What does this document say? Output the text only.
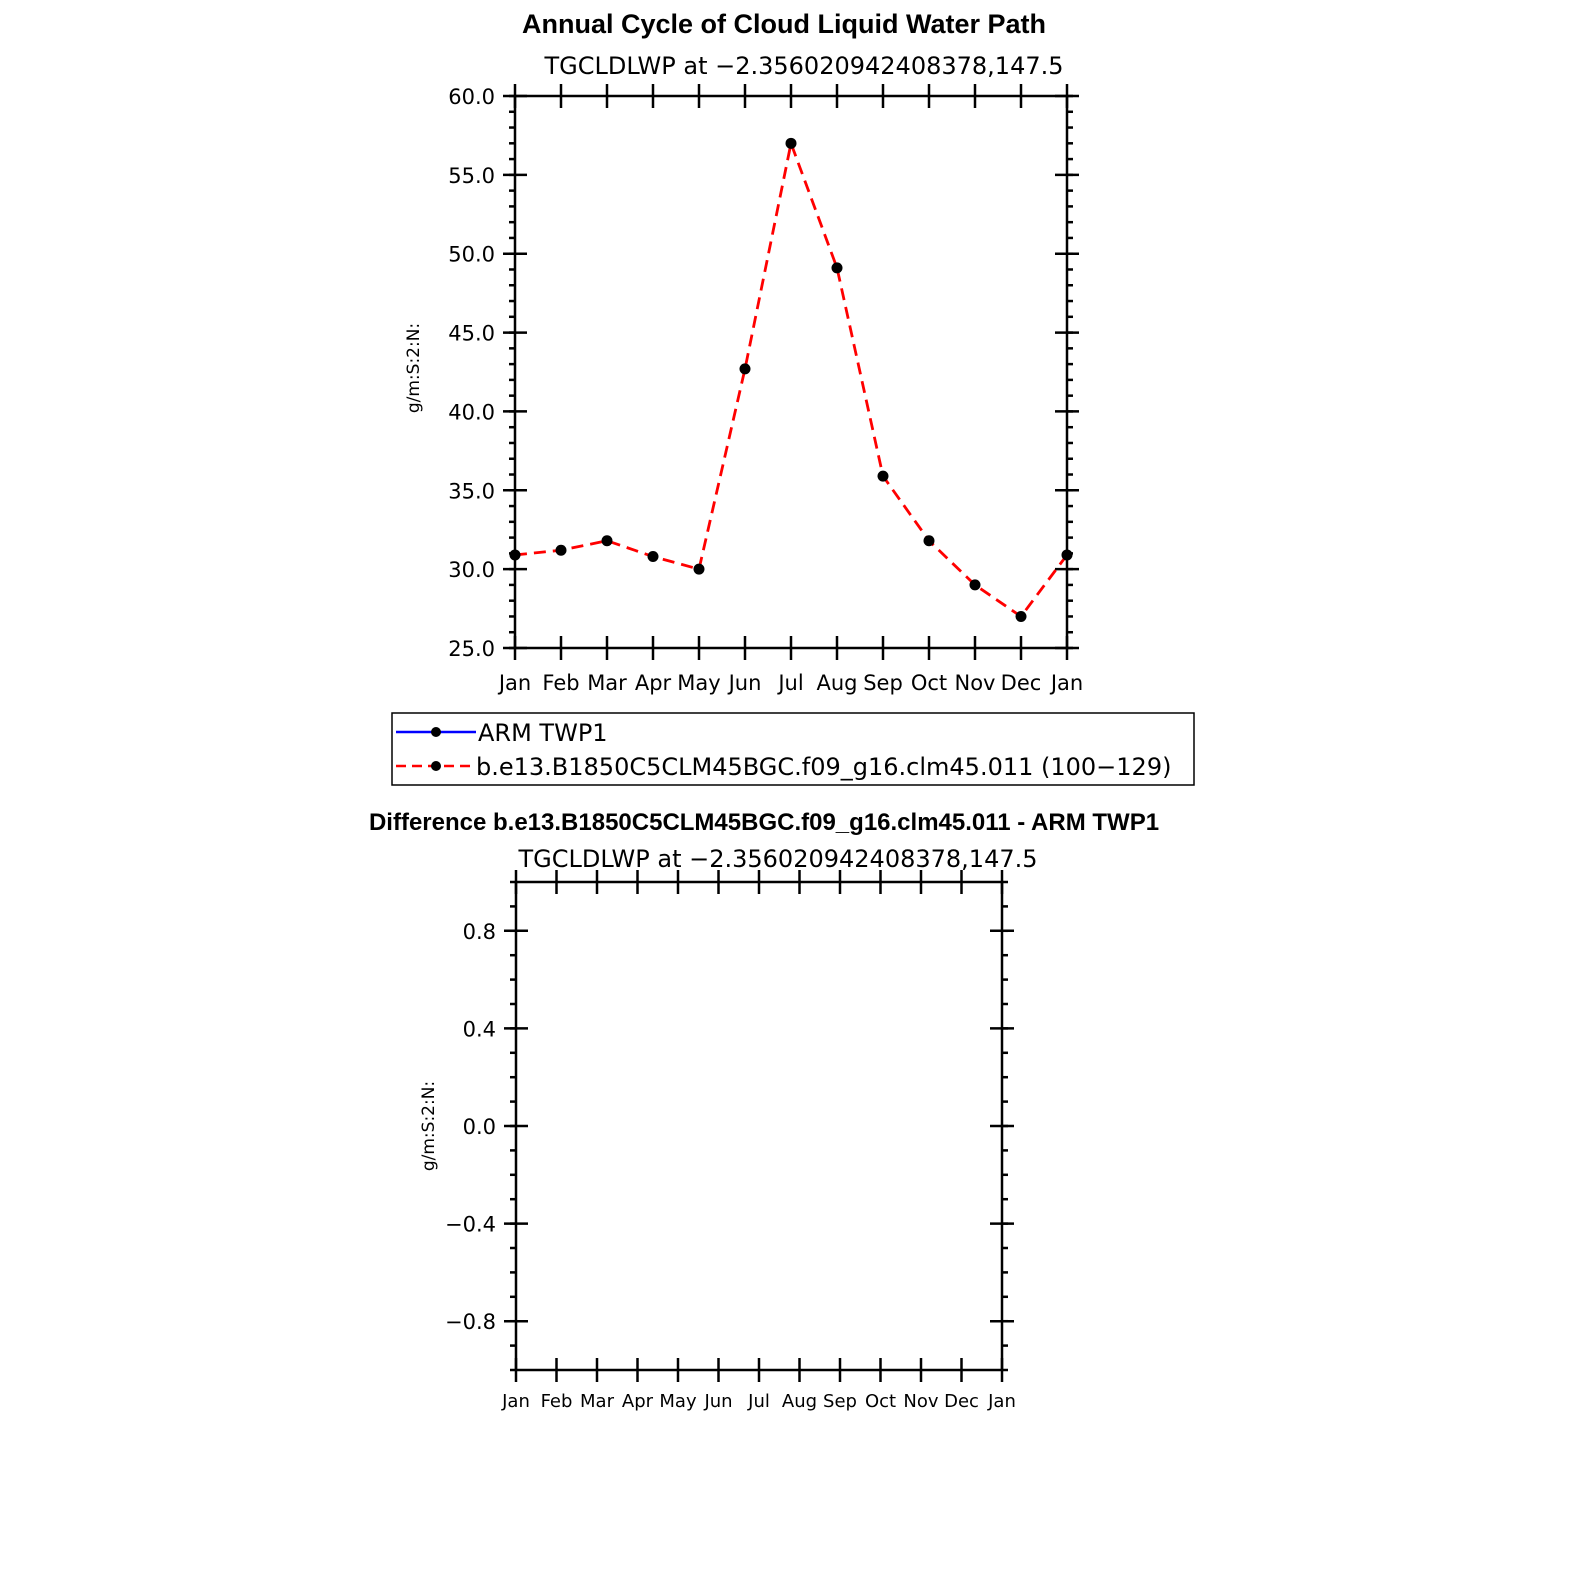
Annual Cycle of Cloud Liquid Water Path
TGCLDLWP at −2.356020942408378,147.5
g/m:S:2:N:
Jan Feb Mar Apr May Jun Jul Aug Sep Oct Nov Dec Jan
25.0
30.0
35.0
40.0
45.0
50.0
55.0
60.0
ARM TWP1
b.e13.B1850C5CLM45BGC.f09_g16.clm45.011 (100−129)
Difference b.e13.B1850C5CLM45BGC.f09_g16.clm45.011 - ARM TWP1
TGCLDLWP at −2.356020942408378,147.5
g/m:S:2:N:
Jan Feb Mar Apr May Jun Jul Aug Sep Oct Nov Dec Jan
−0.8
−0.4
0.0
0.4
0.8
